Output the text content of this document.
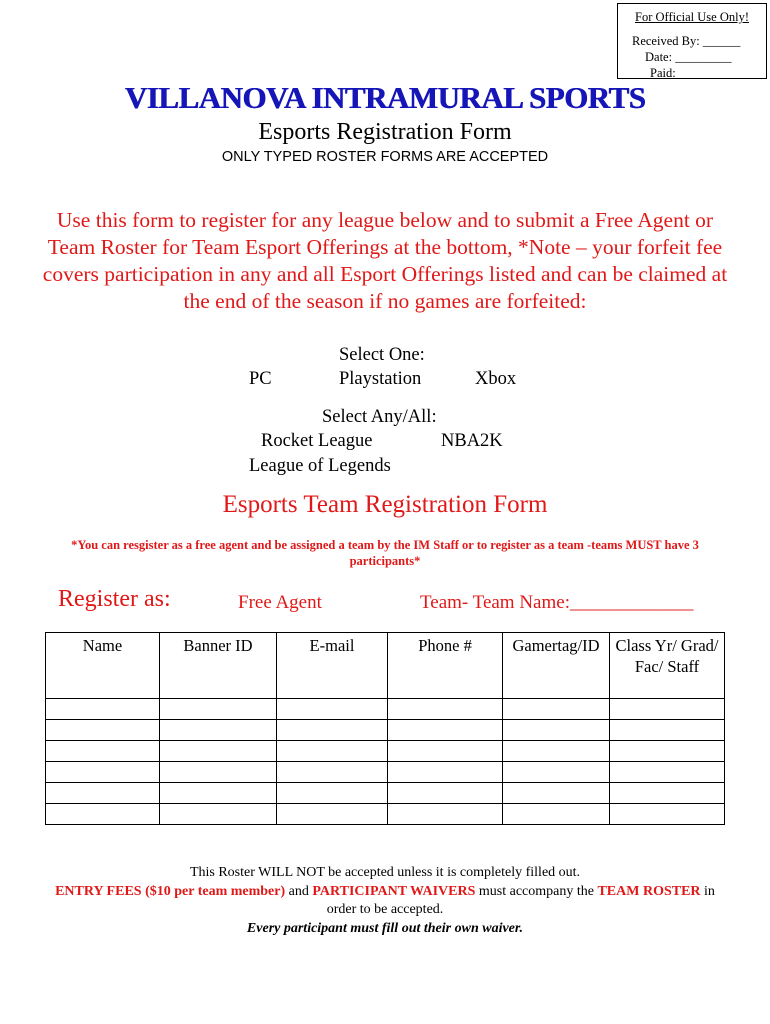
For Official Use Only!
Received By: ______
Date: _________
Paid:
VILLANOVA INTRAMURAL SPORTS
Esports Registration Form
ONLY TYPED ROSTER FORMS ARE ACCEPTED
Use this form to register for any league below and to submit a Free Agent or Team Roster for Team Esport Offerings at the bottom, *Note – your forfeit fee covers participation in any and all Esport Offerings listed and can be claimed at the end of the season if no games are forfeited:
Select One:
PC	Playstation	Xbox
Select Any/All:
Rocket League	NBA2K
League of Legends
Esports Team Registration Form
*You can resgister as a free agent and be assigned a team by the IM Staff or to register as a team -teams MUST have 3 participants*
Register as:	Free Agent	Team- Team Name:_____________
Name	Banner ID	E-mail	Phone #	Gamertag/ID	Class Yr/ Grad/ Fac/ Staff

This Roster WILL NOT be accepted unless it is completely filled out.
ENTRY FEES ($10 per team member) and PARTICIPANT WAIVERS must accompany the TEAM ROSTER in order to be accepted.
Every participant must fill out their own waiver.
